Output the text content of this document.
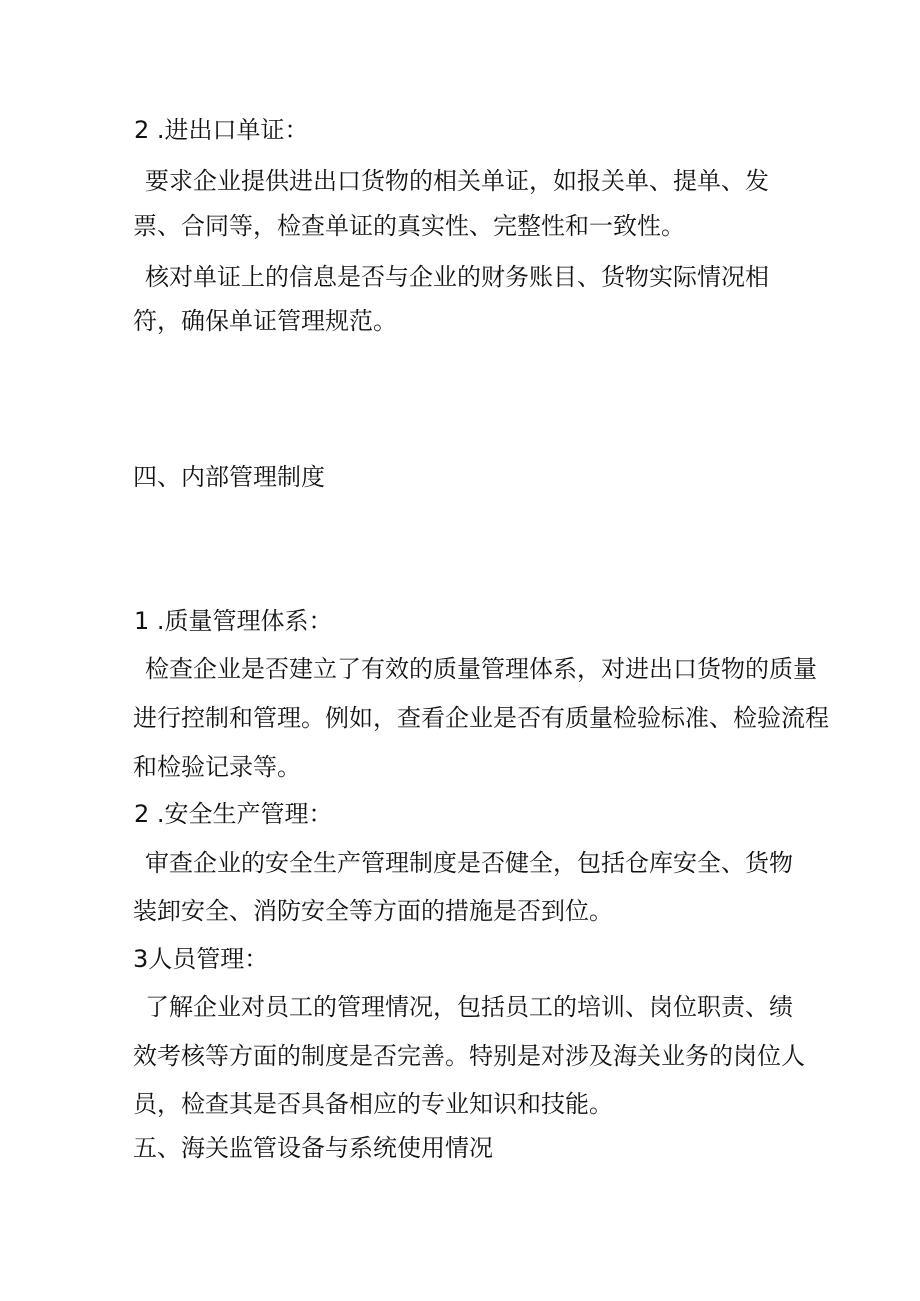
2 .进出口单证：
要求企业提供进出口货物的相关单证，如报关单、提单、发
票、合同等，检查单证的真实性、完整性和一致性。
核对单证上的信息是否与企业的财务账目、货物实际情况相
符，确保单证管理规范。
四、内部管理制度
1 .质量管理体系：
检查企业是否建立了有效的质量管理体系，对进出口货物的质量
进行控制和管理。例如，查看企业是否有质量检验标准、检验流程
和检验记录等。
2 .安全生产管理：
审查企业的安全生产管理制度是否健全，包括仓库安全、货物
装卸安全、消防安全等方面的措施是否到位。
3人员管理：
了解企业对员工的管理情况，包括员工的培训、岗位职责、绩
效考核等方面的制度是否完善。特别是对涉及海关业务的岗位人
员，检查其是否具备相应的专业知识和技能。
五、海关监管设备与系统使用情况
